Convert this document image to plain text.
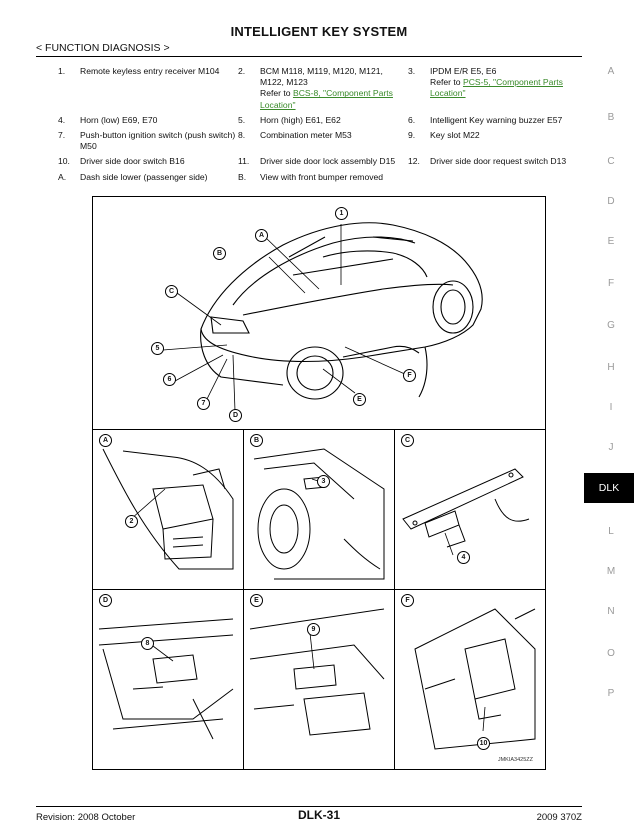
INTELLIGENT KEY SYSTEM
< FUNCTION DIAGNOSIS >
1.	Remote keyless entry receiver M104	2.	BCM M118, M119, M120, M121, M122, M123
Refer to BCS-8, "Component Parts Location"	3.	IPDM E/R E5, E6
Refer to PCS-5, "Component Parts Location"
4.	Horn (low) E69, E70	5.	Horn (high) E61, E62	6.	Intelligent Key warning buzzer E57
7.	Push-button ignition switch (push switch) M50	8.	Combination meter M53	9.	Key slot M22
10.	Driver side door switch B16	11.	Driver side door lock assembly D15	12.	Driver side door request switch D13
A.	Dash side lower (passenger side)	B.	View with front bumper removed		
A
B
C
D
E
F
G
H
I
J
DLK
L
M
N
O
P
1
A
B
C
5
6
7
D
E
F
A
2
B
3
C
4
D
8
E
9
F
10
JMKIA3425ZZ
Revision: 2008 October	DLK-31	2009 370Z
